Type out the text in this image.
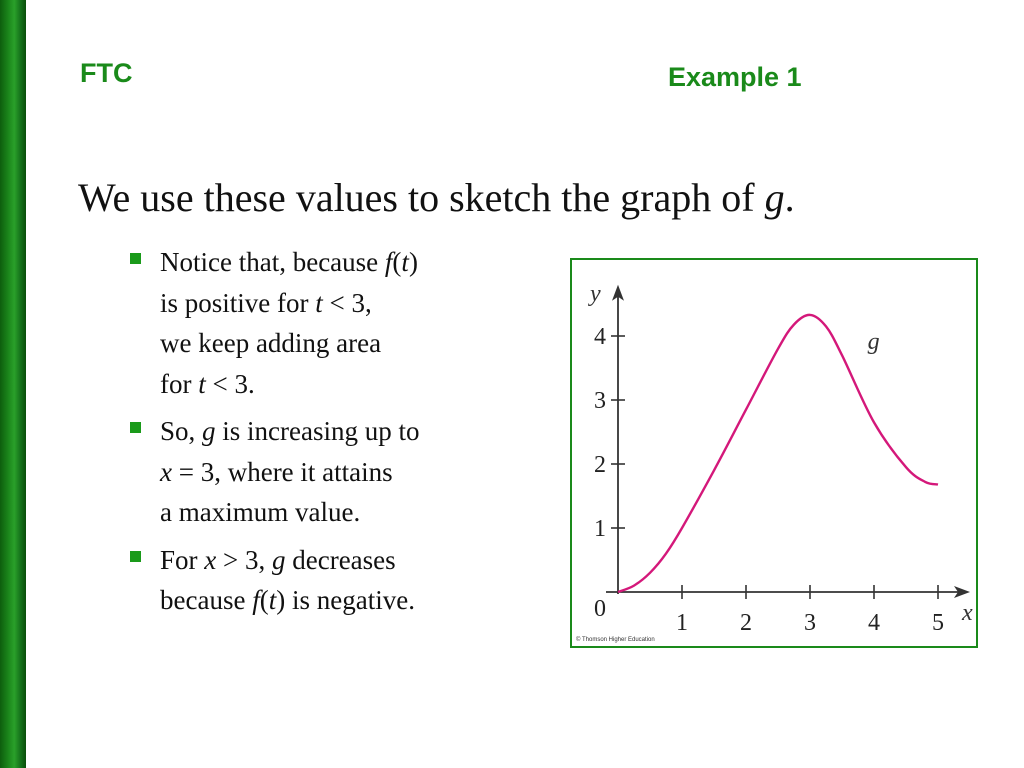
FTC	Example 1
We use these values to sketch the graph of g.
Notice that, because f(t)
is positive for t < 3,
we keep adding area
for t < 3.
So, g is increasing up to
x = 3, where it attains
a maximum value.
For x > 3, g decreases
because f(t) is negative.
1 2 3 4 5
1
2
3
4
0	x
y
g
© Thomson Higher Education
